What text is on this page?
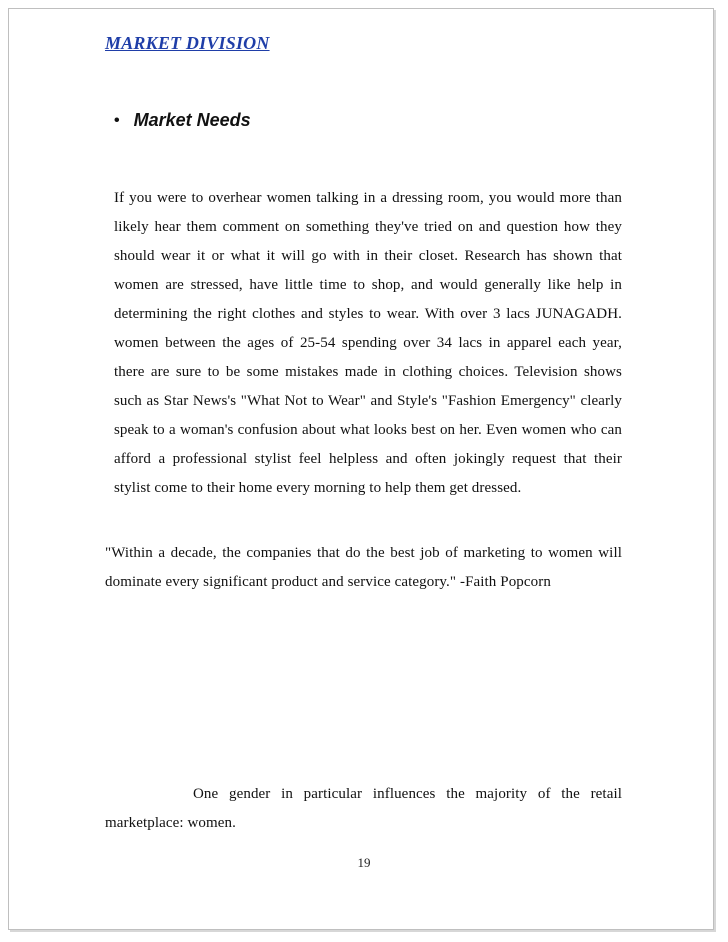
MARKET DIVISION
• Market Needs

If you were to overhear women talking in a dressing room, you would more than likely hear them comment on something they've tried on and question how they should wear it or what it will go with in their closet. Research has shown that women are stressed, have little time to shop, and would generally like help in determining the right clothes and styles to wear. With over 3 lacs JUNAGADH. women between the ages of 25-54 spending over 34 lacs in apparel each year, there are sure to be some mistakes made in clothing choices. Television shows such as Star News's "What Not to Wear" and Style's "Fashion Emergency" clearly speak to a woman's confusion about what looks best on her. Even women who can afford a professional stylist feel helpless and often jokingly request that their stylist come to their home every morning to help them get dressed.

"Within a decade, the companies that do the best job of marketing to women will dominate every significant product and service category." -Faith Popcorn

One gender in particular influences the majority of the retail marketplace: women.

19
